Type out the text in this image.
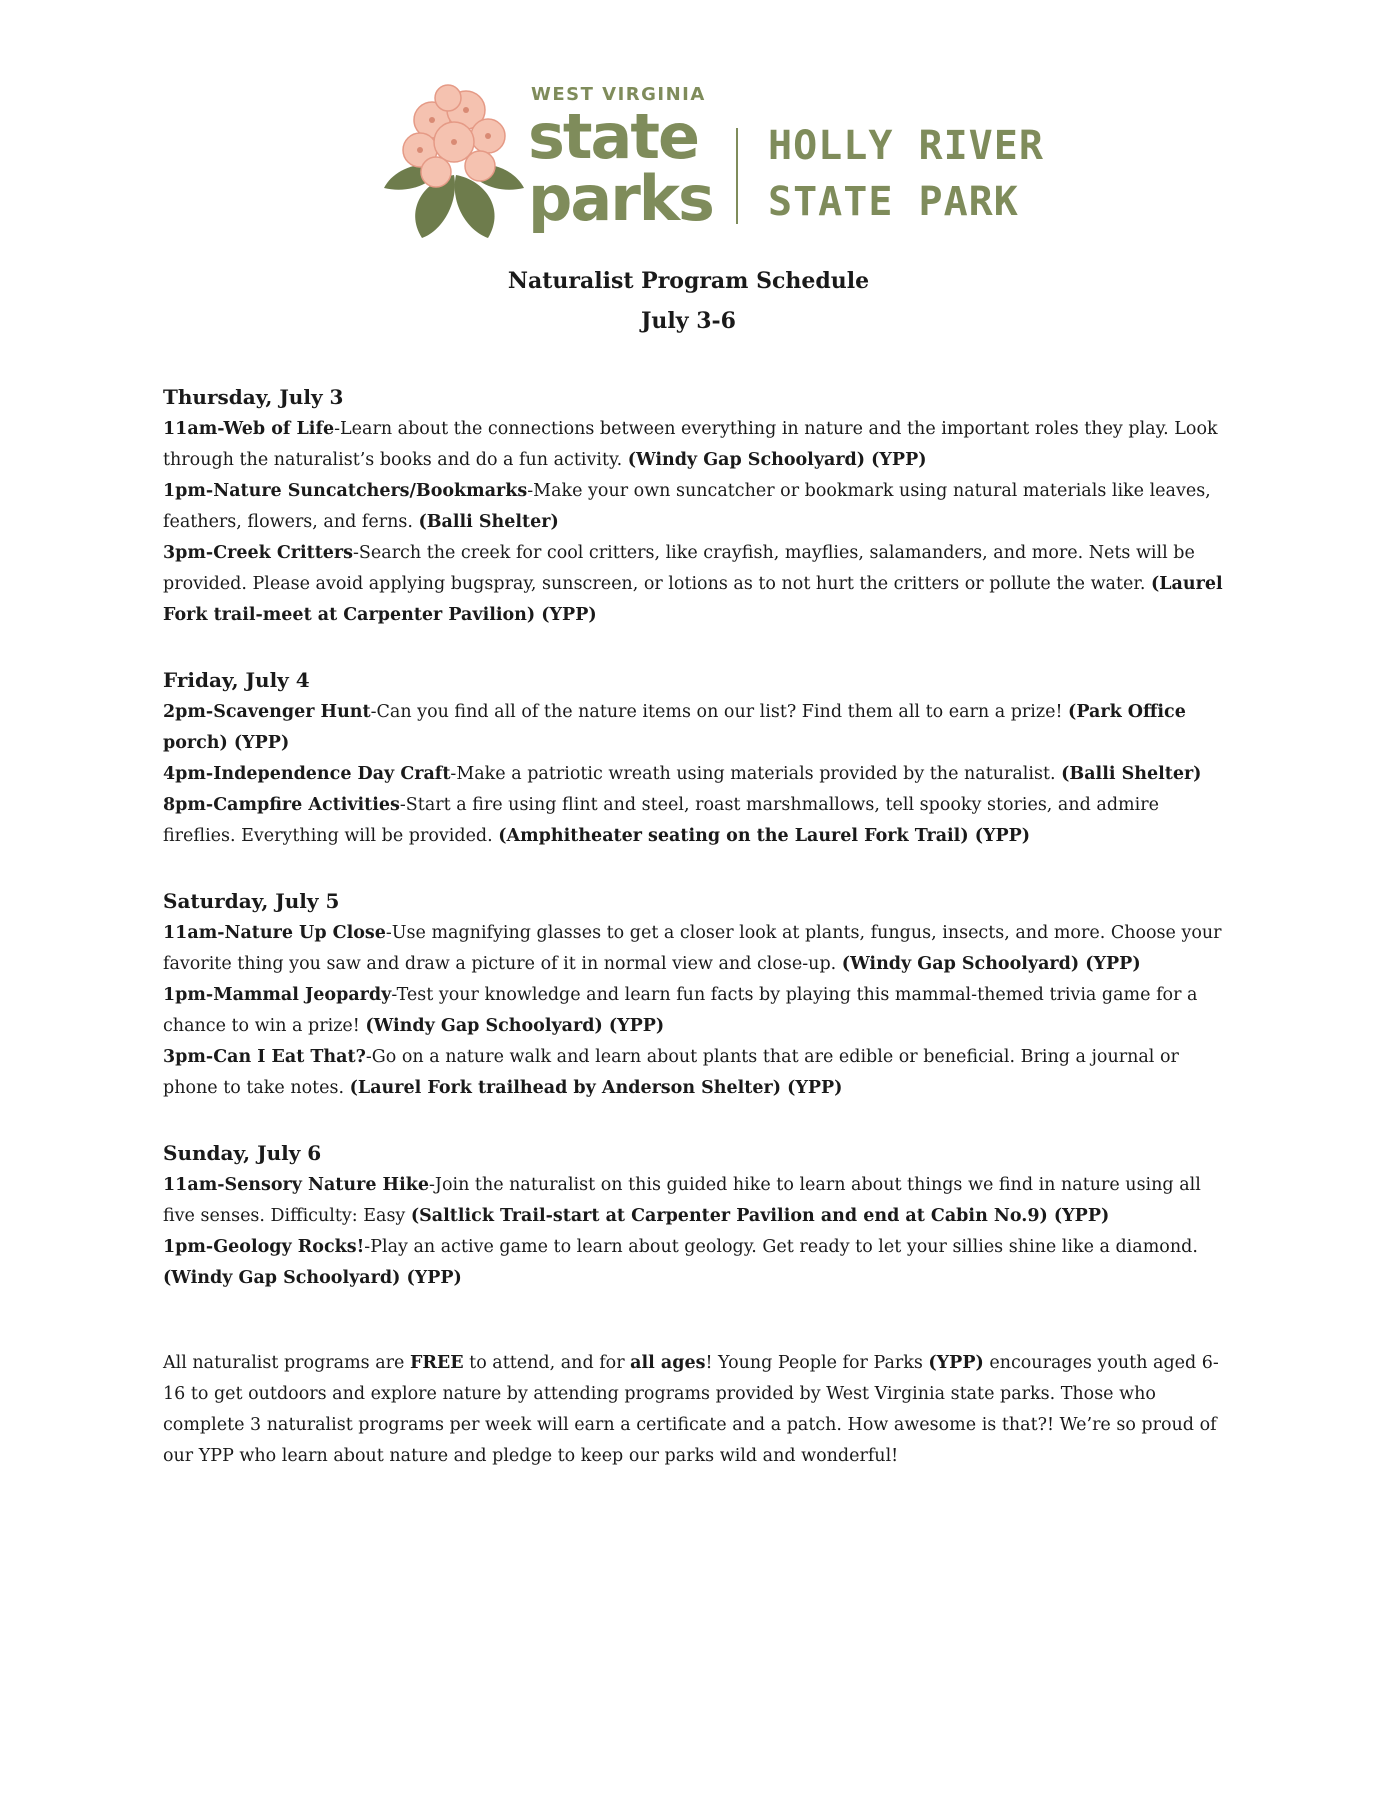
WEST VIRGINIA
state
parks
HOLLY RIVER
STATE PARK
Naturalist Program Schedule
July 3-6
Thursday, July 3

11am-Web of Life-Learn about the connections between everything in nature and the important roles they play. Look through the naturalist’s books and do a fun activity. (Windy Gap Schoolyard) (YPP)

1pm-Nature Suncatchers/Bookmarks-Make your own suncatcher or bookmark using natural materials like leaves, feathers, flowers, and ferns. (Balli Shelter)

3pm-Creek Critters-Search the creek for cool critters, like crayfish, mayflies, salamanders, and more. Nets will be provided. Please avoid applying bugspray, sunscreen, or lotions as to not hurt the critters or pollute the water. (Laurel Fork trail-meet at Carpenter Pavilion) (YPP)

Friday, July 4

2pm-Scavenger Hunt-Can you find all of the nature items on our list? Find them all to earn a prize! (Park Office porch) (YPP)

4pm-Independence Day Craft-Make a patriotic wreath using materials provided by the naturalist. (Balli Shelter)

8pm-Campfire Activities-Start a fire using flint and steel, roast marshmallows, tell spooky stories, and admire fireflies. Everything will be provided. (Amphitheater seating on the Laurel Fork Trail) (YPP)

Saturday, July 5

11am-Nature Up Close-Use magnifying glasses to get a closer look at plants, fungus, insects, and more. Choose your favorite thing you saw and draw a picture of it in normal view and close-up. (Windy Gap Schoolyard) (YPP)

1pm-Mammal Jeopardy-Test your knowledge and learn fun facts by playing this mammal-themed trivia game for a chance to win a prize! (Windy Gap Schoolyard) (YPP)

3pm-Can I Eat That?-Go on a nature walk and learn about plants that are edible or beneficial. Bring a journal or phone to take notes. (Laurel Fork trailhead by Anderson Shelter) (YPP)

Sunday, July 6

11am-Sensory Nature Hike-Join the naturalist on this guided hike to learn about things we find in nature using all five senses. Difficulty: Easy (Saltlick Trail-start at Carpenter Pavilion and end at Cabin No.9) (YPP)

1pm-Geology Rocks!-Play an active game to learn about geology. Get ready to let your sillies shine like a diamond. (Windy Gap Schoolyard) (YPP)

All naturalist programs are FREE to attend, and for all ages! Young People for Parks (YPP) encourages youth aged 6-16 to get outdoors and explore nature by attending programs provided by West Virginia state parks. Those who complete 3 naturalist programs per week will earn a certificate and a patch. How awesome is that?! We’re so proud of our YPP who learn about nature and pledge to keep our parks wild and wonderful!
